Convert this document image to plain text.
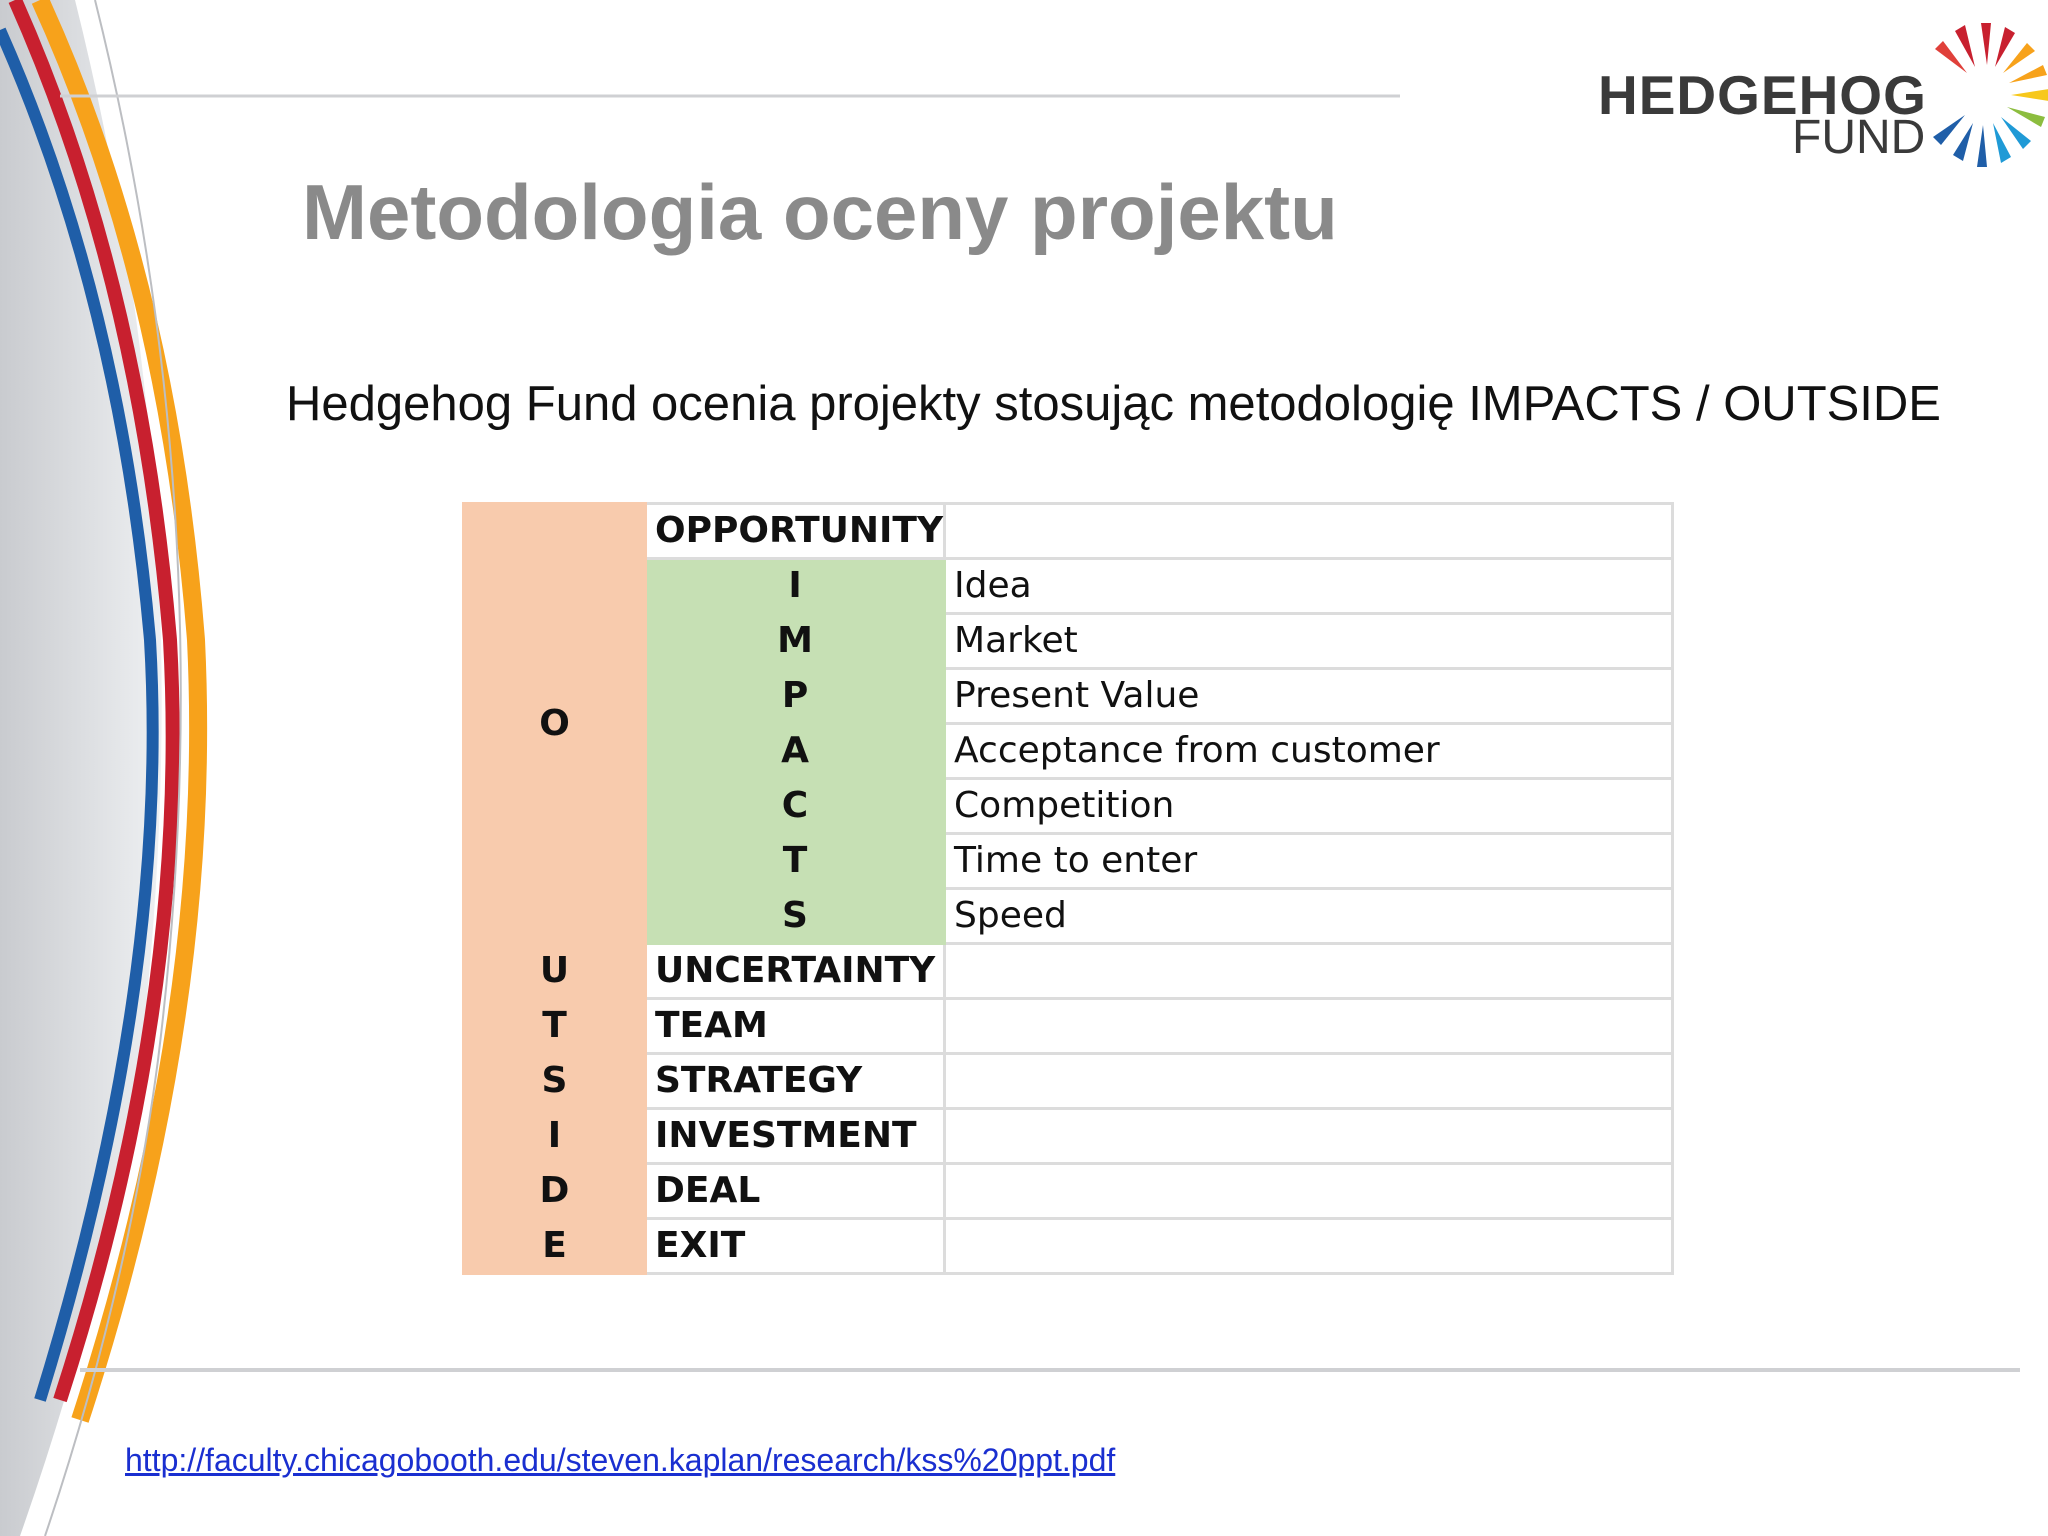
HEDGEHOG
FUND
Metodologia oceny projektu
Hedgehog Fund ocenia projekty stosując metodologię IMPACTS / OUTSIDE
O	OPPORTUNITY	
	I	Idea
	M	Market
	P	Present Value
	A	Acceptance from customer
	C	Competition
	T	Time to enter
	S	Speed
U	UNCERTAINTY	
T	TEAM	
S	STRATEGY	
I	INVESTMENT	
D	DEAL	
E	EXIT	
http://faculty.chicagobooth.edu/steven.kaplan/research/kss%20ppt.pdf
